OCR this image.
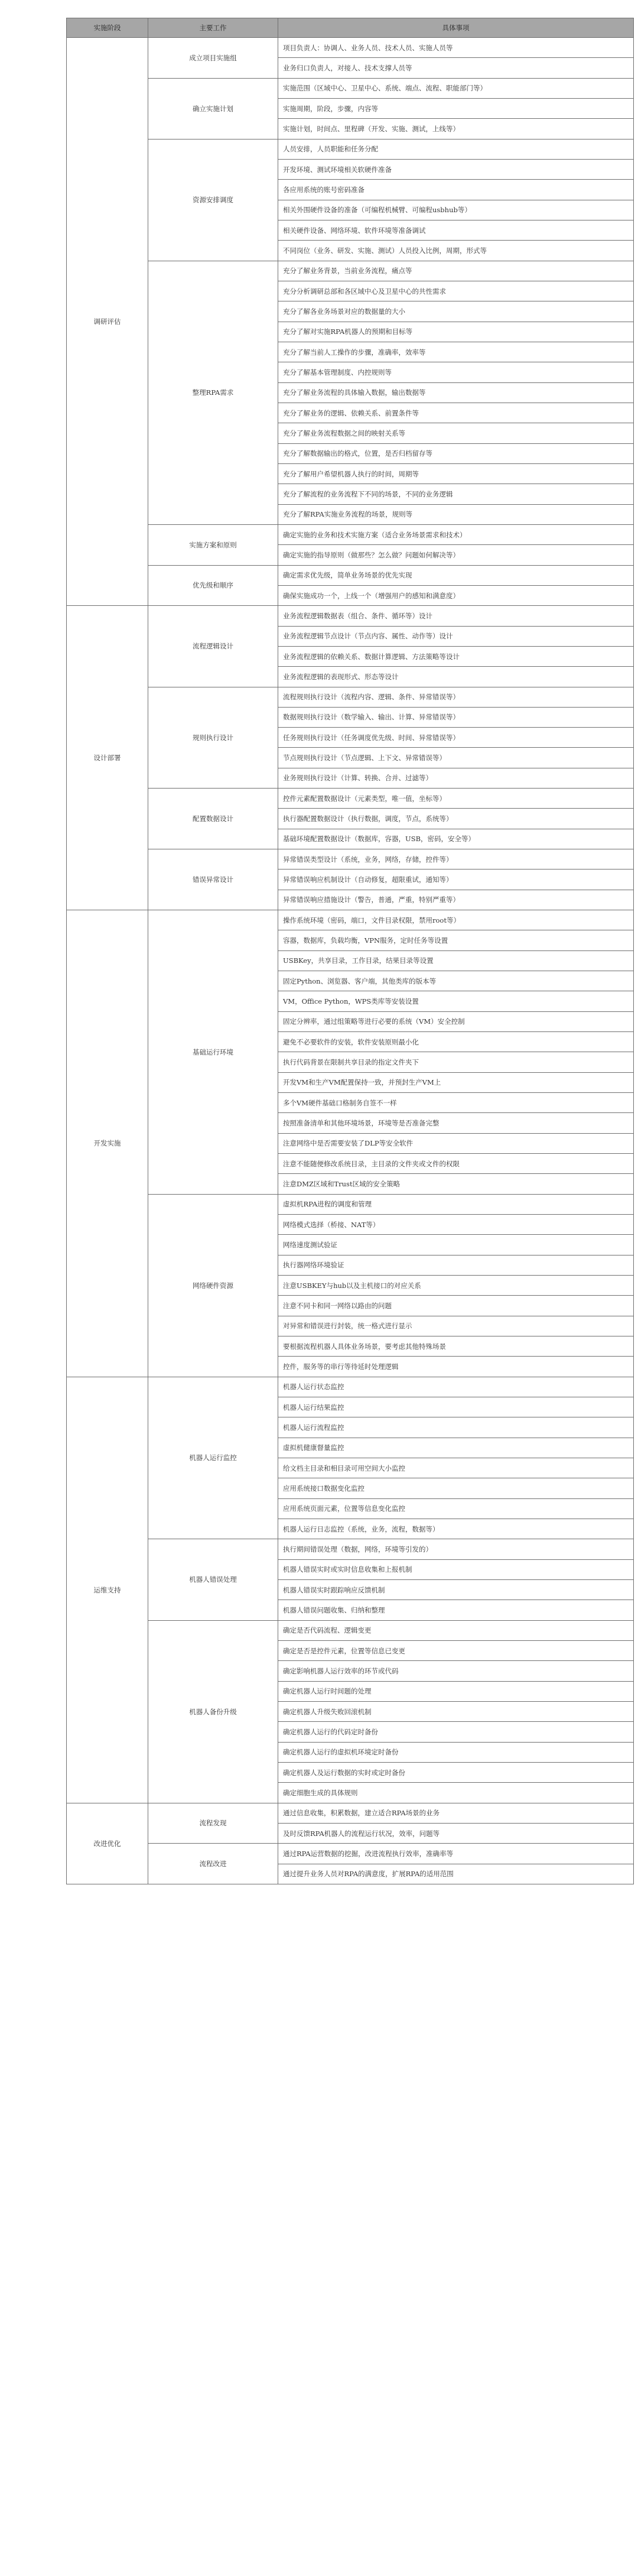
实施阶段	主要工作	具体事项
调研评估	成立项目实施组	项目负责人：协调人、业务人员、技术人员、实施人员等
		业务归口负责人，对接人、技术支撑人员等
	确立实施计划	实施范围（区域中心、卫星中心、系统、端点、流程、职能部门等）
		实施周期，阶段，步骤，内容等
		实施计划，时间点、里程碑（开发、实施、测试，上线等）
	资源安排调度	人员安排，人员职能和任务分配
		开发环境、测试环境相关软硬件准备
		各应用系统的账号密码准备
		相关外围硬件设备的准备（可编程机械臂、可编程usbhub等）
		相关硬件设备、网络环境、软件环境等准备调试
		不同岗位（业务、研发、实施、测试）人员投入比例，周期，形式等
	整理RPA需求	充分了解业务背景，当前业务流程，痛点等
		充分分析调研总部和各区域中心及卫星中心的共性需求
		充分了解各业务场景对应的数据量的大小
		充分了解对实施RPA机器人的预期和目标等
		充分了解当前人工操作的步骤，准确率，效率等
		充分了解基本管理制度、内控规则等
		充分了解业务流程的具体输入数据，输出数据等
		充分了解业务的逻辑、依赖关系、前置条件等
		充分了解业务流程数据之间的映射关系等
		充分了解数据输出的格式，位置，是否归档留存等
		充分了解用户希望机器人执行的时间，周期等
		充分了解流程的业务流程下不同的场景，不同的业务逻辑
		充分了解RPA实施业务流程的场景，规则等
	实施方案和原则	确定实施的业务和技术实施方案（适合业务场景需求和技术）
		确定实施的指导原则（做那些？怎么做？问题如何解决等）
	优先级和顺序	确定需求优先级，简单业务场景的优先实现
		确保实施成功一个，上线一个（增强用户的感知和满意度）
设计部署	流程逻辑设计	业务流程逻辑数据表（组合、条件、循环等）设计
		业务流程逻辑节点设计（节点内容、属性、动作等）设计
		业务流程逻辑的依赖关系、数据计算逻辑、方法策略等设计
		业务流程逻辑的表现形式、形态等设计
	规则执行设计	流程规则执行设计（流程内容、逻辑、条件、异常错误等）
		数据规则执行设计（数学输入、输出、计算、异常错误等）
		任务规则执行设计（任务调度优先级、时间、异常错误等）
		节点规则执行设计（节点逻辑、上下文、异常错误等）
		业务规则执行设计（计算、转换、合并、过滤等）
	配置数据设计	控件元素配置数据设计（元素类型，唯一值，坐标等）
		执行器配置数据设计（执行数据，调度，节点，系统等）
		基础环境配置数据设计（数据库，容器，USB，密码，安全等）
	错误异常设计	异常错误类型设计（系统，业务，网络，存储，控件等）
		异常错误响应机制设计（自动修复，超限重试，通知等）
		异常错误响应措施设计（警告，普通，严重，特别严重等）
开发实施	基础运行环境	操作系统环境（密码，端口，文件目录权限，禁用root等）
		容器，数据库，负载均衡，VPN服务，定时任务等设置
		USBKey，共享目录，工作目录，结果目录等设置
		固定Python、浏览器、客户端，其他类库的版本等
		VM，Office Python，WPS类库等安装设置
		固定分辨率，通过组策略等进行必要的系统（VM）安全控制
		避免不必要软件的安装，软件安装原则最小化
		执行代码背景在限制共享目录的指定文件夹下
		开发VM和生产VM配置保持一致，并预封生产VM上
		多个VM硬件基础口格制务自签不一样
		按照准备清单和其他环境场景，环境等是否准备完整
		注意网络中是否需要安装了DLP等安全软件
		注意不能随便修改系统目录，主目录的文件夹或文件的权限
		注意DMZ区域和Trust区域的安全策略
	网络硬件资源	虚拟机RPA进程的调度和管理
		网络模式选择（桥接、NAT等）
		网络速度测试验证
		执行器网络环境验证
		注意USBKEY与hub以及主机接口的对应关系
		注意不同卡和同一网络以路由的问题
		对异常和错误进行封装，统一格式进行显示
		要根据流程机器人具体业务场景，要考虑其他特殊场景
		控件，服务等的串行等待延时处理逻辑
运维支持	机器人运行监控	机器人运行状态监控
		机器人运行结果监控
		机器人运行流程监控
		虚拟机健康督量监控
		给文档主目录和相目录可用空间大小监控
		应用系统接口数据变化监控
		应用系统页面元素，位置等信息变化监控
		机器人运行日志监控（系统，业务，流程，数据等）
	机器人错误处理	执行期间错误处理（数据，网络，环境等引发的）
		机器人错误实时或实时信息收集和上报机制
		机器人错误实时跟踪响应反馈机制
		机器人错误问题收集、归纳和整理
	机器人备份升级	确定是否代码流程、逻辑变更
		确定是否是控件元素，位置等信息已变更
		确定影响机器人运行效率的环节或代码
		确定机器人运行时间题的处理
		确定机器人升级失败回滚机制
		确定机器人运行的代码定时备份
		确定机器人运行的虚拟机环境定时备份
		确定机器人及运行数据的实时或定时备份
		确定细胞生成的具体规则
改进优化	流程发现	通过信息收集，积累数据，建立适合RPA场景的业务
		及时反馈RPA机器人的流程运行状况，效率，问题等
	流程改进	通过RPA运营数据的挖掘，改进流程执行效率，准确率等
		通过提升业务人员对RPA的满意度，扩展RPA的适用范围
